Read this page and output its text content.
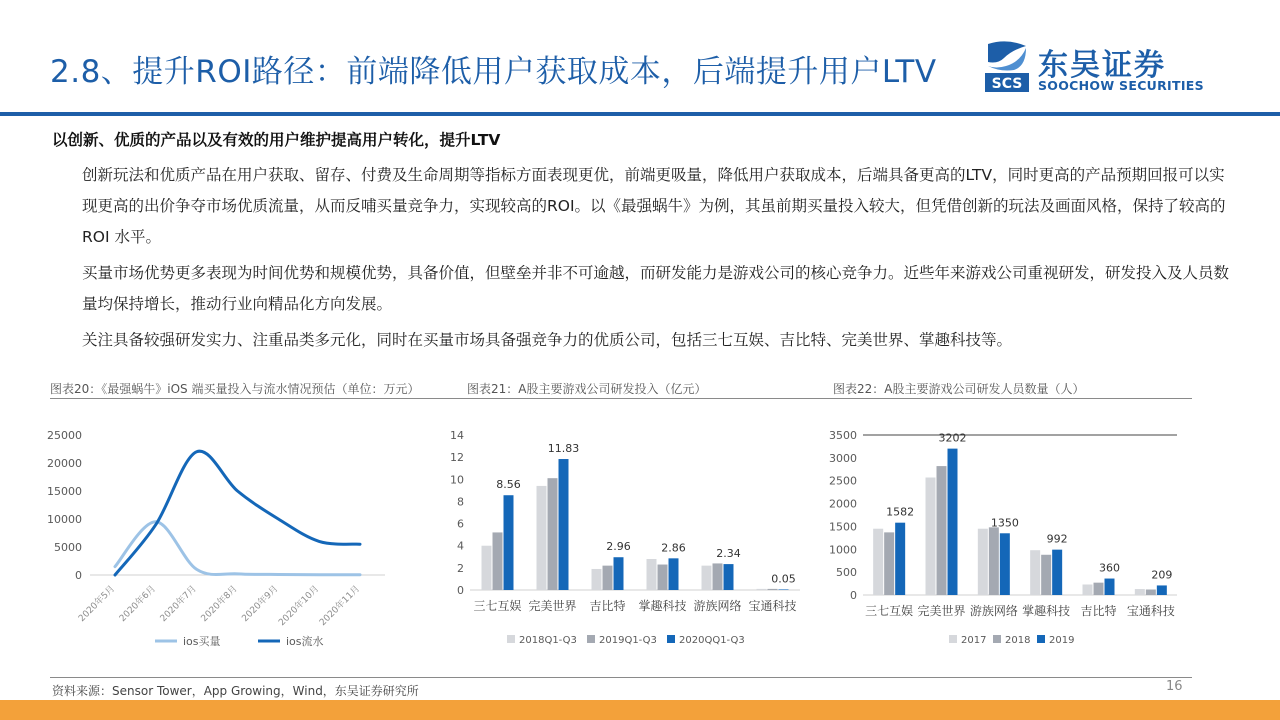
2.8、提升ROI路径：前端降低用户获取成本，后端提升用户LTV	SCS
东吴证券
SOOCHOW SECURITIES
以创新、优质的产品以及有效的用户维护提高用户转化，提升LTV
创新玩法和优质产品在用户获取、留存、付费及生命周期等指标方面表现更优，前端更吸量，降低用户获取成本，后端具备更高的LTV，同时更高的产品预期回报可以实现更高的出价争夺市场优质流量，从而反哺买量竞争力，实现较高的ROI。以《最强蜗牛》为例，其虽前期买量投入较大，但凭借创新的玩法及画面风格，保持了较高的 ROI 水平。
买量市场优势更多表现为时间优势和规模优势，具备价值，但壁垒并非不可逾越，而研发能力是游戏公司的核心竞争力。近些年来游戏公司重视研发，研发投入及人员数量均保持增长，推动行业向精品化方向发展。
关注具备较强研发实力、注重品类多元化，同时在买量市场具备强竞争力的优质公司，包括三七互娱、吉比特、完美世界、掌趣科技等。
图表20：《最强蜗牛》iOS 端买量投入与流水情况预估（单位：万元）	图表21：A股主要游戏公司研发投入（亿元）	图表22：A股主要游戏公司研发人员数量（人）
0
5000
10000
15000
20000
25000
2020年5月 2020年6月 2020年7月 2020年8月 2020年9月
2020年10月
2020年11月
ios买量	ios流水
0
2
4
6
8
10
12
14
8.56
三七互娱
11.83
完美世界
2.96
吉比特
2.86
掌趣科技
2.34
游族网络
0.05
宝通科技
2018Q1-Q3 2019Q1-Q3 2020QQ1-Q3
0
500
1000
1500
2000
2500
3000
3500
1582
三七互娱
3202
完美世界
1350
游族网络
992
掌趣科技
360
吉比特
209
宝通科技
2017 2018 2019
资料来源：Sensor Tower，App Growing，Wind，东吴证券研究所	16
